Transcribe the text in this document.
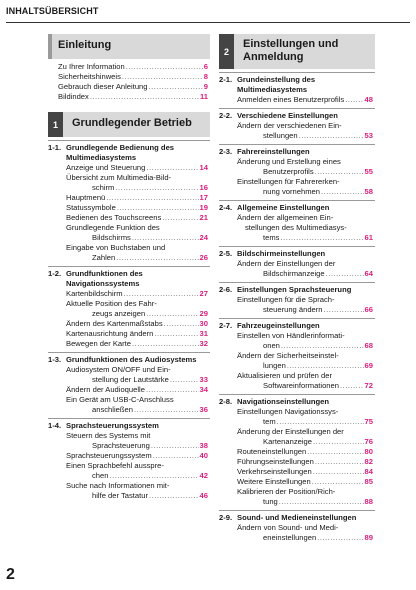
INHALTSÜBERSICHT
Einleitung
Zu Ihrer Information .....	6
Sicherheitshinweis .....	8
Gebrauch dieser Anleitung .....	9
Bildindex .....	11
1	Grundlegender Betrieb
1-1. Grundlegende Bedienung des Multimediasystems
Anzeige und Steuerung .....	14
Übersicht zum Multimedia-Bild-
schirm .....	16
Hauptmenü .....	17
Statussymbole .....	19
Bedienen des Touchscreens .....	21
Grundlegende Funktion des
Bildschirms .....	24
Eingabe von Buchstaben und
Zahlen .....	26
1-2. Grundfunktionen des Navigationssystems
Kartenbildschirm .....	27
Aktuelle Position des Fahr-
zeugs anzeigen .....	29
Ändern des Kartenmaßstabs .....	30
Kartenausrichtung ändern .....	31
Bewegen der Karte .....	32
1-3. Grundfunktionen des Audiosystems
Audiosystem ON/OFF und Ein-
stellung der Lautstärke .....	33
Ändern der Audioquelle .....	34
Ein Gerät am USB-C-Anschluss
anschließen .....	36
1-4. Sprachsteuerungssystem
Steuern des Systems mit
Sprachsteuerung .....	38
Sprachsteuerungssystem .....	40
Einen Sprachbefehl ausspre-
chen .....	42
Suche nach Informationen mit-
hilfe der Tastatur .....	46
2
Einstellungen und Anmeldung
2-1. Grundeinstellung des Multimediasystems
Anmelden eines Benutzerprofils .....	48
2-2. Verschiedene Einstellungen
Ändern der verschiedenen Ein-
stellungen .....	53
2-3. Fahrereinstellungen
Änderung und Erstellung eines
Benutzerprofils .....	55
Einstellungen für Fahrererken-
nung vornehmen .....	58
2-4. Allgemeine Einstellungen
Ändern der allgemeinen Ein-
stellungen des Multimediasys-
tems .....	61
2-5. Bildschirmeinstellungen
Ändern der Einstellungen der
Bildschirmanzeige .....	64
2-6. Einstellungen Sprachsteuerung
Einstellungen für die Sprach-
steuerung ändern .....	66
2-7. Fahrzeugeinstellungen
Einstellen von Händlerinformati-
onen .....	68
Ändern der Sicherheitseinstel-
lungen .....	69
Aktualisieren und prüfen der
Softwareinformationen .....	72
2-8. Navigationseinstellungen
Einstellungen Navigationssys-
tem .....	75
Änderung der Einstellungen der
Kartenanzeige .....	76
Routeneinstellungen .....	80
Führungseinstellungen .....	82
Verkehrseinstellungen .....	84
Weitere Einstellungen .....	85
Kalibrieren der Position/Rich-
tung .....	88
2-9. Sound- und Medieneinstellungen
Ändern von Sound- und Medi-
eneinstellungen .....	89
2
